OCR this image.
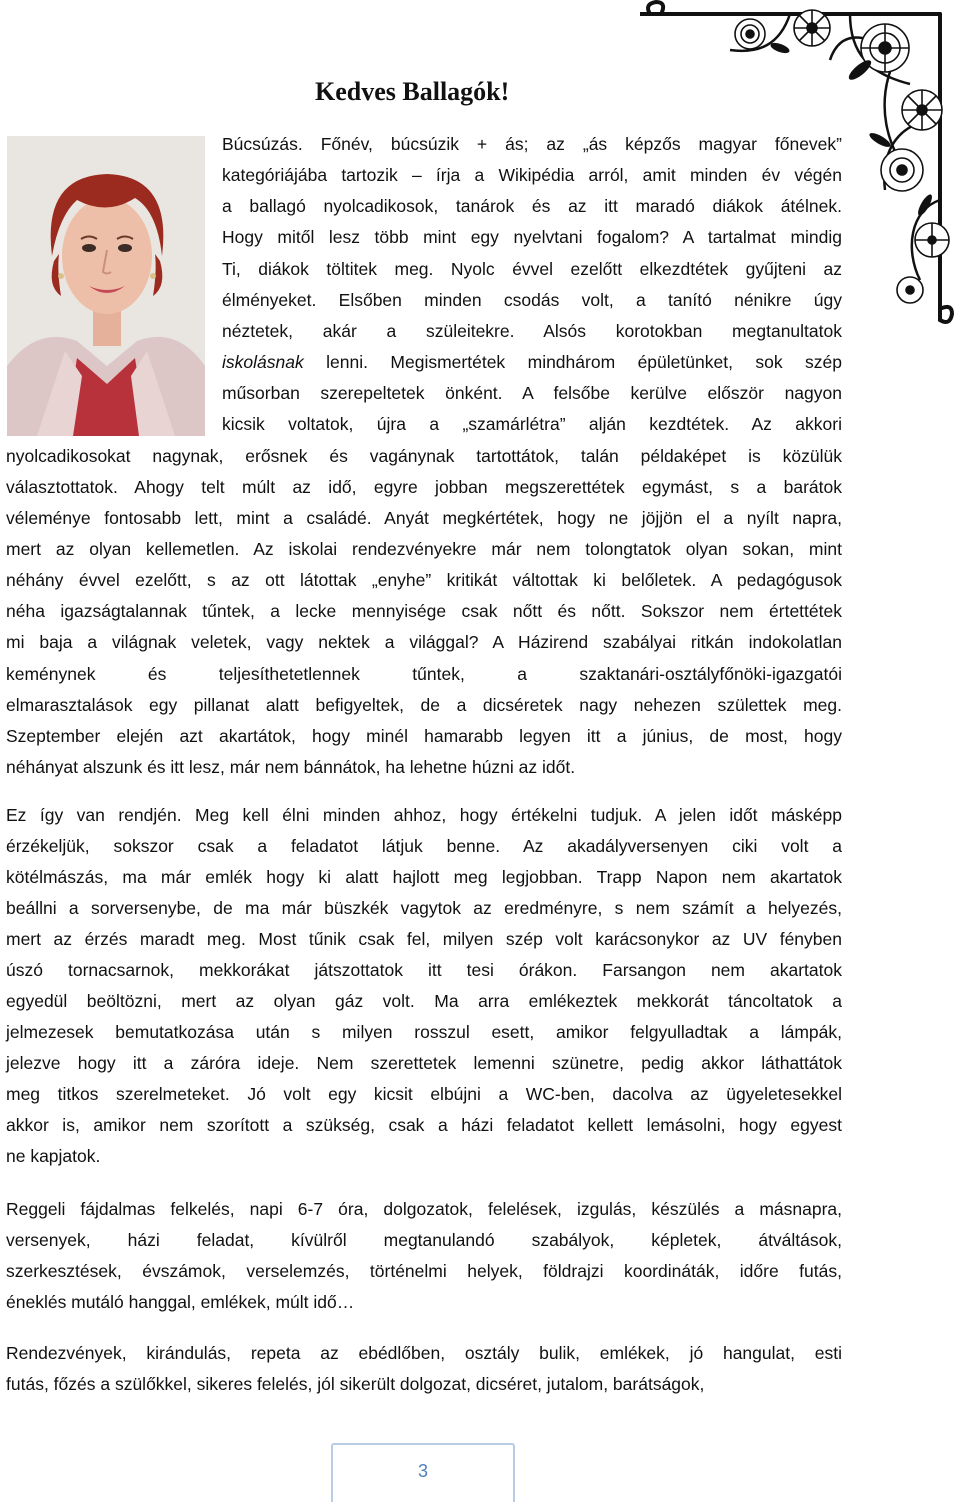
Kedves Ballagók!

Búcsúzás. Főnév, búcsúzik + ás; az „ás képzős magyar főnevek”

kategóriájába tartozik – írja a Wikipédia arról, amit minden év végén

a ballagó nyolcadikosok, tanárok és az itt maradó diákok átélnek.

Hogy mitől lesz több mint egy nyelvtani fogalom? A tartalmat mindig

Ti, diákok töltitek meg. Nyolc évvel ezelőtt elkezdtétek gyűjteni az

élményeket. Elsőben minden csodás volt, a tanító nénikre úgy

néztetek, akár a szüleitekre. Alsós korotokban megtanultatok

iskolásnak lenni. Megismertétek mindhárom épületünket, sok szép

műsorban szerepeltetek önként. A felsőbe kerülve először nagyon

kicsik voltatok, újra a „szamárlétra” alján kezdtétek. Az akkori

nyolcadikosokat nagynak, erősnek és vagánynak tartottátok, talán példaképet is közülük

választottatok. Ahogy telt múlt az idő, egyre jobban megszerettétek egymást, s a barátok

véleménye fontosabb lett, mint a családé. Anyát megkértétek, hogy ne jöjjön el a nyílt napra,

mert az olyan kellemetlen. Az iskolai rendezvényekre már nem tolongtatok olyan sokan, mint

néhány évvel ezelőtt, s az ott látottak „enyhe” kritikát váltottak ki belőletek. A pedagógusok

néha igazságtalannak tűntek, a lecke mennyisége csak nőtt és nőtt. Sokszor nem értettétek

mi baja a világnak veletek, vagy nektek a világgal? A Házirend szabályai ritkán indokolatlan

keménynek és teljesíthetetlennek tűntek, a szaktanári-osztályfőnöki-igazgatói

elmarasztalások egy pillanat alatt befigyeltek, de a dicséretek nagy nehezen születtek meg.

Szeptember elején azt akartátok, hogy minél hamarabb legyen itt a június, de most, hogy

néhányat alszunk és itt lesz, már nem bánnátok, ha lehetne húzni az időt.

Ez így van rendjén. Meg kell élni minden ahhoz, hogy értékelni tudjuk. A jelen időt másképp

érzékeljük, sokszor csak a feladatot látjuk benne. Az akadályversenyen ciki volt a

kötélmászás, ma már emlék hogy ki alatt hajlott meg legjobban. Trapp Napon nem akartatok

beállni a sorversenybe, de ma már büszkék vagytok az eredményre, s nem számít a helyezés,

mert az érzés maradt meg. Most tűnik csak fel, milyen szép volt karácsonykor az UV fényben

úszó tornacsarnok, mekkorákat játszottatok itt tesi órákon. Farsangon nem akartatok

egyedül beöltözni, mert az olyan gáz volt. Ma arra emlékeztek mekkorát táncoltatok a

jelmezesek bemutatkozása után s milyen rosszul esett, amikor felgyulladtak a lámpák,

jelezve hogy itt a záróra ideje. Nem szerettetek lemenni szünetre, pedig akkor láthattátok

meg titkos szerelmeteket. Jó volt egy kicsit elbújni a WC-ben, dacolva az ügyeletesekkel

akkor is, amikor nem szorított a szükség, csak a házi feladatot kellett lemásolni, hogy egyest

ne kapjatok.

Reggeli fájdalmas felkelés, napi 6-7 óra, dolgozatok, felelések, izgulás, készülés a másnapra,

versenyek, házi feladat, kívülről megtanulandó szabályok, képletek, átváltások,

szerkesztések, évszámok, verselemzés, történelmi helyek, földrajzi koordináták, időre futás,

éneklés mutáló hanggal, emlékek, múlt idő…

Rendezvények, kirándulás, repeta az ebédlőben, osztály bulik, emlékek, jó hangulat, esti

futás, főzés a szülőkkel, sikeres felelés, jól sikerült dolgozat, dicséret, jutalom, barátságok,

3
